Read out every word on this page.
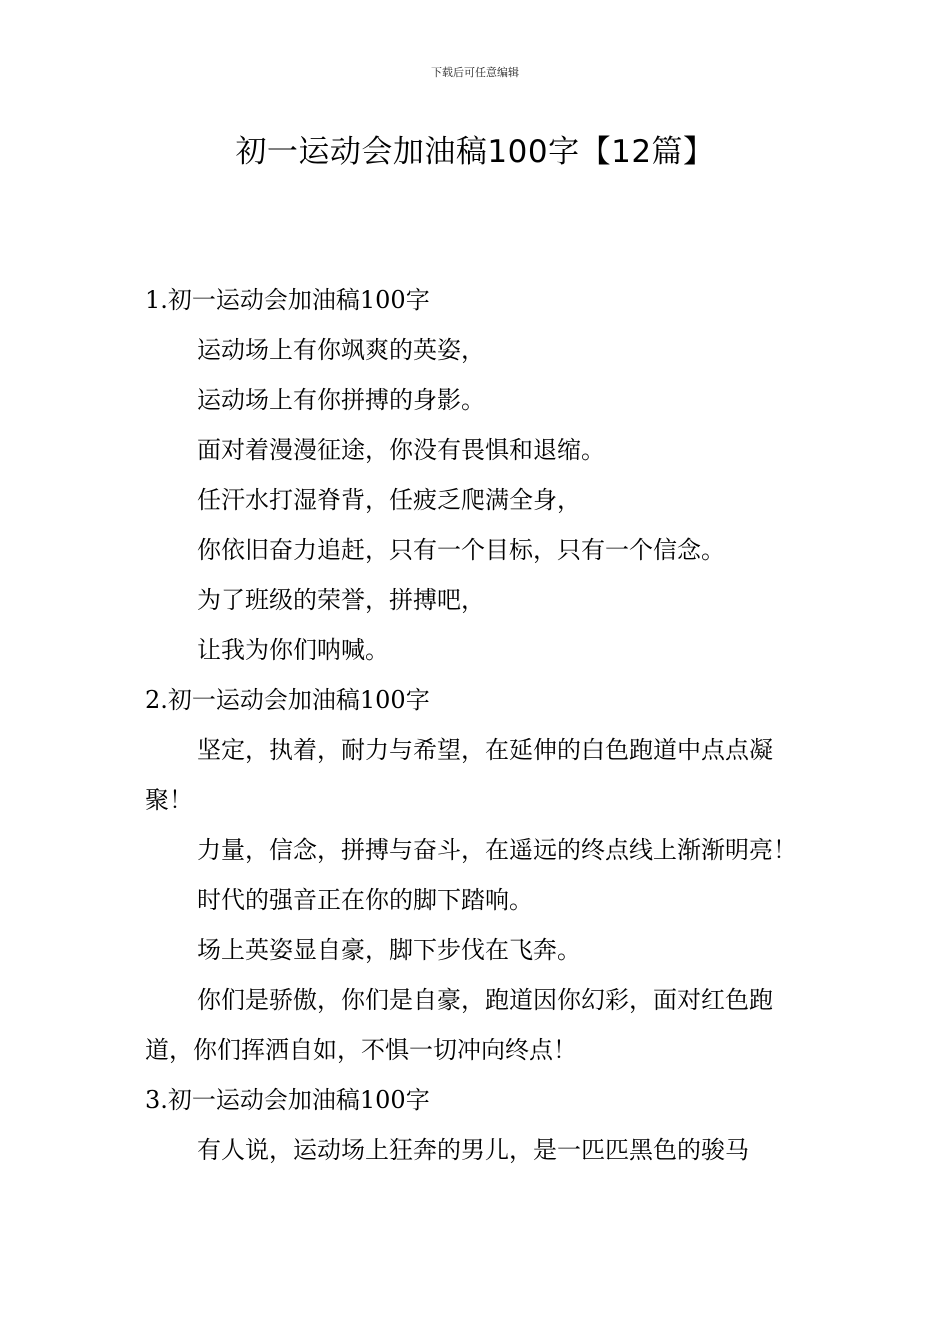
下载后可任意编辑
初一运动会加油稿100字【12篇】

1.初一运动会加油稿100字

运动场上有你飒爽的英姿，

运动场上有你拼搏的身影。

面对着漫漫征途，你没有畏惧和退缩。

任汗水打湿脊背，任疲乏爬满全身，

你依旧奋力追赶，只有一个目标，只有一个信念。

为了班级的荣誉，拼搏吧，

让我为你们呐喊。

2.初一运动会加油稿100字

坚定，执着，耐力与希望，在延伸的白色跑道中点点凝聚！

力量，信念，拼搏与奋斗，在遥远的终点线上渐渐明亮！

时代的强音正在你的脚下踏响。

场上英姿显自豪，脚下步伐在飞奔。

你们是骄傲，你们是自豪，跑道因你幻彩，面对红色跑道，你们挥洒自如，不惧一切冲向终点！

3.初一运动会加油稿100字

有人说，运动场上狂奔的男儿，是一匹匹黑色的骏马
